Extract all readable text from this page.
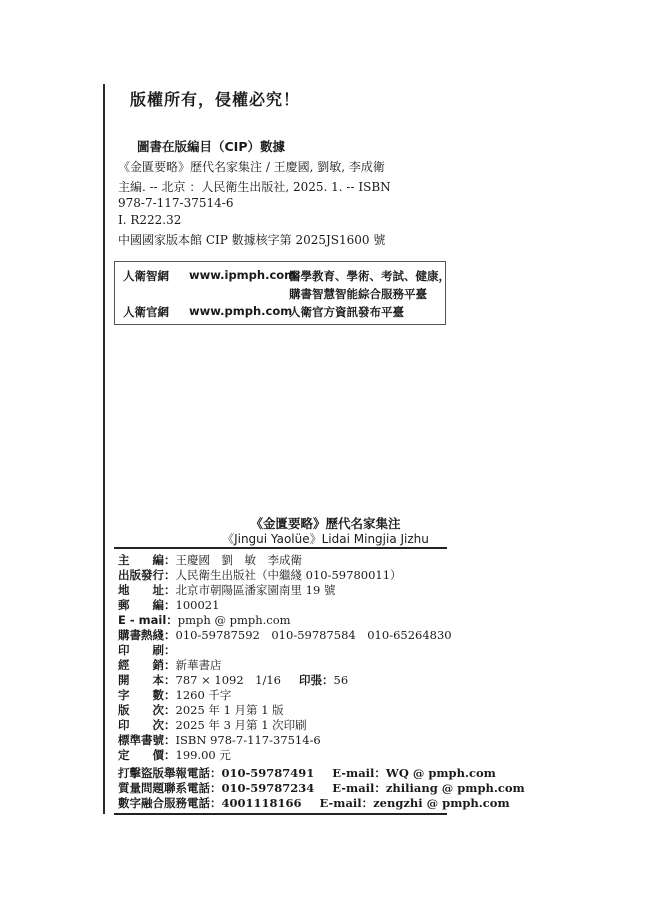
版權所有，侵權必究！
圖書在版編目（CIP）數據
《金匱要略》歷代名家集注 / 王慶國, 劉敏, 李成衛
主編. -- 北京 ：人民衛生出版社, 2025. 1. -- ISBN
978-7-117-37514-6
Ⅰ. R222.32
中國國家版本館 CIP 數據核字第 2025JS1600 號
人衛智網 www.ipmph.com
醫學教育、學術、考試、健康，
購書智慧智能綜合服務平臺
人衛官網 www.pmph.com
人衛官方資訊發布平臺
《金匱要略》歷代名家集注
《Jingui Yaolüe》Lidai Mingjia Jizhu
主　　編：王慶國　劉　敏　李成衛
出版發行：人民衛生出版社（中繼綫 010-59780011）
地　　址：北京市朝陽區潘家園南里 19 號
郵　　編：100021
E - mail：pmph @ pmph.com
購書熱綫：010-59787592　010-59787584　010-65264830
印　　刷：
經　　銷：新華書店
開　　本：787 × 1092　1/16 印張：56
字　　數：1260 千字
版　　次：2025 年 1 月第 1 版
印　　次：2025 年 3 月第 1 次印刷
標準書號：ISBN 978-7-117-37514-6
定　　價：199.00 元
打擊盜版舉報電話：010-59787491 E-mail：WQ @ pmph.com
質量問題聯系電話：010-59787234 E-mail：zhiliang @ pmph.com
數字融合服務電話：4001118166 E-mail：zengzhi @ pmph.com
